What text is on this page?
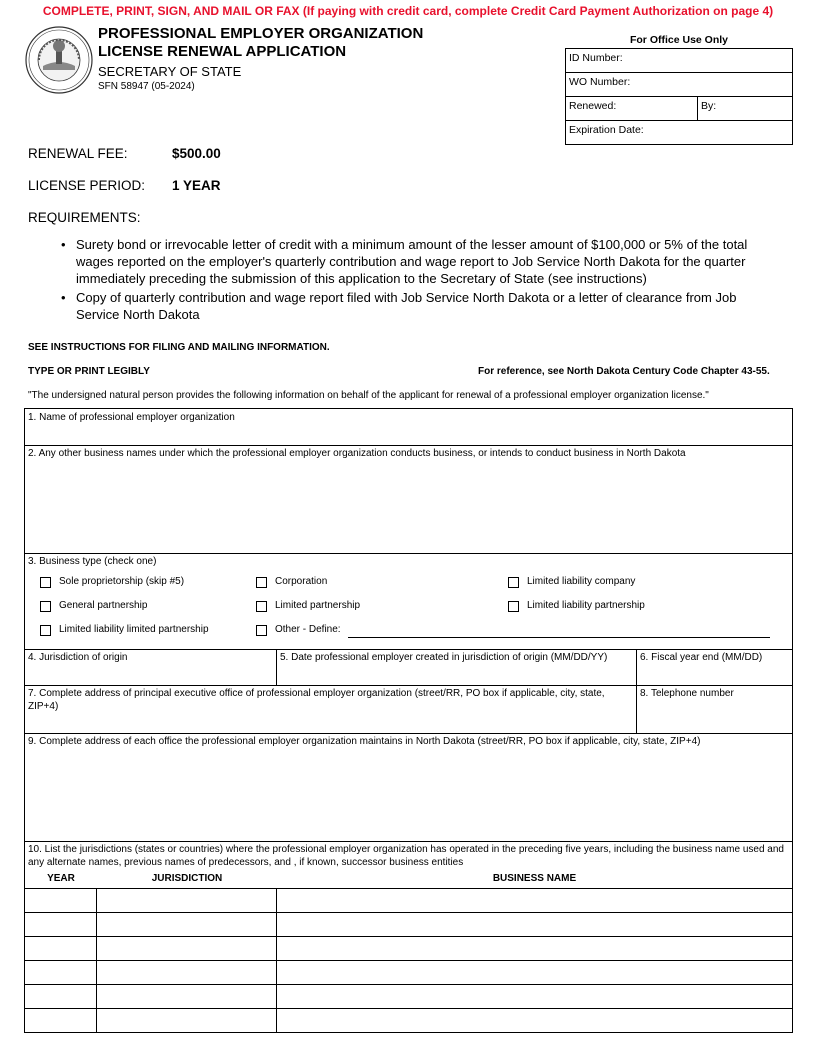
COMPLETE, PRINT, SIGN, AND MAIL OR FAX (If paying with credit card, complete Credit Card Payment Authorization on page 4)
PROFESSIONAL EMPLOYER ORGANIZATION
LICENSE RENEWAL APPLICATION
SECRETARY OF STATE
SFN 58947 (05-2024)
For Office Use Only
ID Number:
WO Number:
Renewed:	By:
Expiration Date:
RENEWAL FEE:	$500.00
LICENSE PERIOD: 1 YEAR
REQUIREMENTS:
• Surety bond or irrevocable letter of credit with a minimum amount of the lesser amount of $100,000 or 5% of the total wages reported on the employer's quarterly contribution and wage report to Job Service North Dakota for the quarter immediately preceding the submission of this application to the Secretary of State (see instructions)
• Copy of quarterly contribution and wage report filed with Job Service North Dakota or a letter of clearance from Job Service North Dakota
SEE INSTRUCTIONS FOR FILING AND MAILING INFORMATION.
TYPE OR PRINT LEGIBLY	For reference, see North Dakota Century Code Chapter 43-55.
"The undersigned natural person provides the following information on behalf of the applicant for renewal of a professional employer organization license."
1. Name of professional employer organization
2. Any other business names under which the professional employer organization conducts business, or intends to conduct business in North Dakota
3. Business type (check one)
Sole proprietorship (skip #5)	Corporation	Limited liability company
General partnership	Limited partnership	Limited liability partnership
Limited liability limited partnership	Other - Define:
4. Jurisdiction of origin	5. Date professional employer created in jurisdiction of origin (MM/DD/YY)	6. Fiscal year end (MM/DD)
7. Complete address of principal executive office of professional employer organization (street/RR, PO box if applicable, city, state, ZIP+4)
8. Telephone number
9. Complete address of each office the professional employer organization maintains in North Dakota (street/RR, PO box if applicable, city, state, ZIP+4)
10. List the jurisdictions (states or countries) where the professional employer organization has operated in the preceding five years, including the business name used and any alternate names, previous names of predecessors, and , if known, successor business entities
YEAR	JURISDICTION	BUSINESS NAME
